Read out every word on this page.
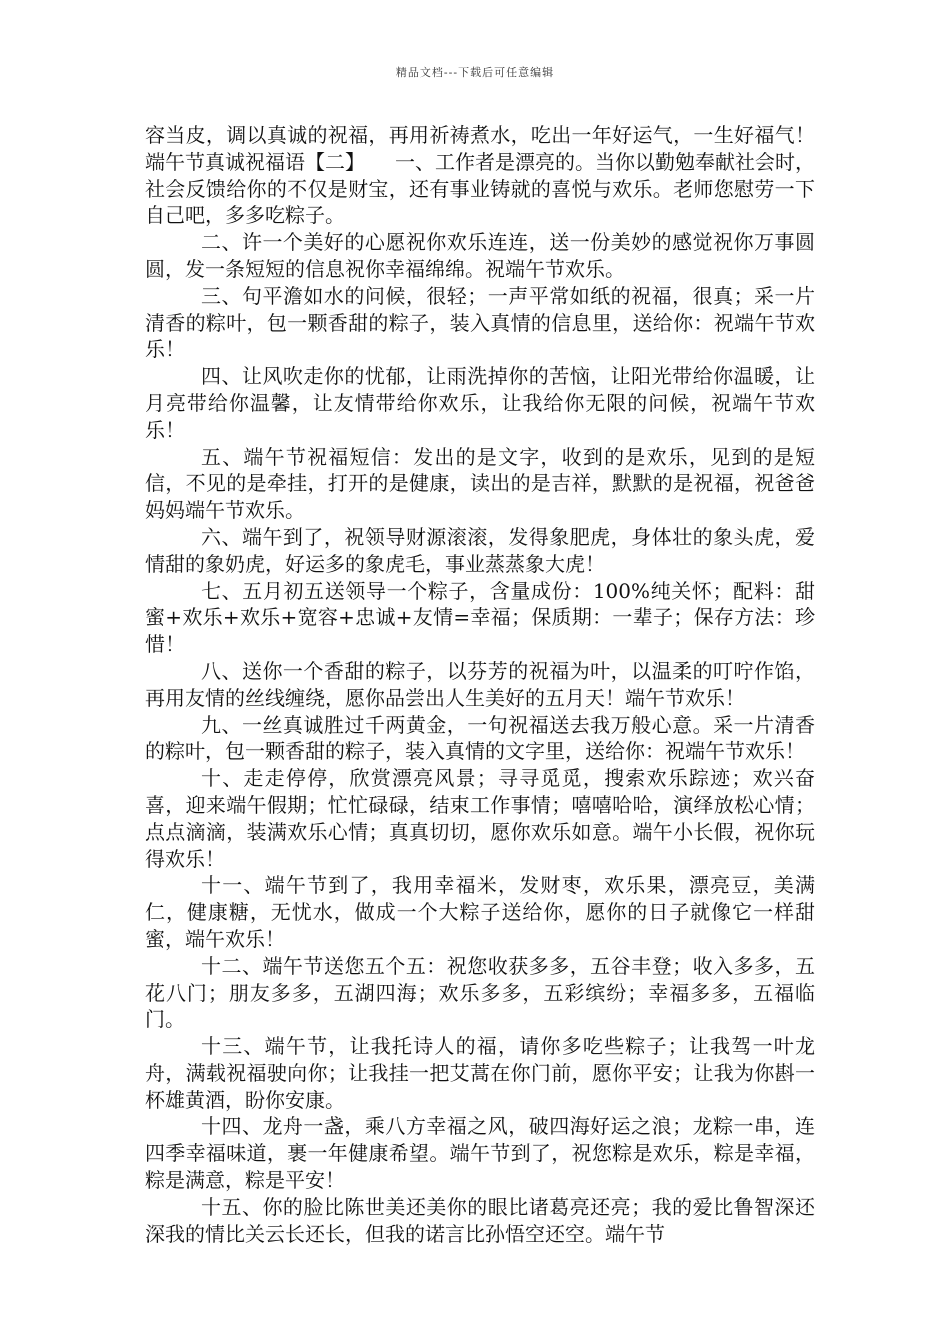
精品文档---下载后可任意编辑

容当皮，调以真诚的祝福，再用祈祷煮水，吃出一年好运气，一生好福气！端午节真诚祝福语【二】　　一、工作者是漂亮的。当你以勤勉奉献社会时，社会反馈给你的不仅是财宝，还有事业铸就的喜悦与欢乐。老师您慰劳一下自己吧，多多吃粽子。

二、许一个美好的心愿祝你欢乐连连，送一份美妙的感觉祝你万事圆圆，发一条短短的信息祝你幸福绵绵。祝端午节欢乐。

三、句平澹如水的问候，很轻；一声平常如纸的祝福，很真；采一片清香的粽叶，包一颗香甜的粽子，装入真情的信息里，送给你：祝端午节欢乐！

四、让风吹走你的忧郁，让雨洗掉你的苦恼，让阳光带给你温暖，让月亮带给你温馨，让友情带给你欢乐，让我给你无限的问候，祝端午节欢乐！

五、端午节祝福短信：发出的是文字，收到的是欢乐，见到的是短信，不见的是牵挂，打开的是健康，读出的是吉祥，默默的是祝福，祝爸爸妈妈端午节欢乐。

六、端午到了，祝领导财源滚滚，发得象肥虎，身体壮的象头虎，爱情甜的象奶虎，好运多的象虎毛，事业蒸蒸象大虎！

七、五月初五送领导一个粽子，含量成份：100%纯关怀；配料：甜蜜+欢乐+欢乐+宽容+忠诚+友情=幸福；保质期：一辈子；保存方法：珍惜！

八、送你一个香甜的粽子，以芬芳的祝福为叶，以温柔的叮咛作馅，再用友情的丝线缠绕，愿你品尝出人生美好的五月天！端午节欢乐！

九、一丝真诚胜过千两黄金，一句祝福送去我万般心意。采一片清香的粽叶，包一颗香甜的粽子，装入真情的文字里，送给你：祝端午节欢乐！

十、走走停停，欣赏漂亮风景；寻寻觅觅，搜索欢乐踪迹；欢兴奋喜，迎来端午假期；忙忙碌碌，结束工作事情；嘻嘻哈哈，演绎放松心情；点点滴滴，装满欢乐心情；真真切切，愿你欢乐如意。端午小长假，祝你玩得欢乐！

十一、端午节到了，我用幸福米，发财枣，欢乐果，漂亮豆，美满仁，健康糖，无忧水，做成一个大粽子送给你，愿你的日子就像它一样甜蜜，端午欢乐！

十二、端午节送您五个五：祝您收获多多，五谷丰登；收入多多，五花八门；朋友多多，五湖四海；欢乐多多，五彩缤纷；幸福多多，五福临门。

十三、端午节，让我托诗人的福，请你多吃些粽子；让我驾一叶龙舟，满载祝福驶向你；让我挂一把艾蒿在你门前，愿你平安；让我为你斟一杯雄黄酒，盼你安康。

十四、龙舟一盏，乘八方幸福之风，破四海好运之浪；龙粽一串，连四季幸福味道，裹一年健康希望。端午节到了，祝您粽是欢乐，粽是幸福，粽是满意，粽是平安！

十五、你的脸比陈世美还美你的眼比诸葛亮还亮；我的爱比鲁智深还深我的情比关云长还长，但我的诺言比孙悟空还空。端午节
